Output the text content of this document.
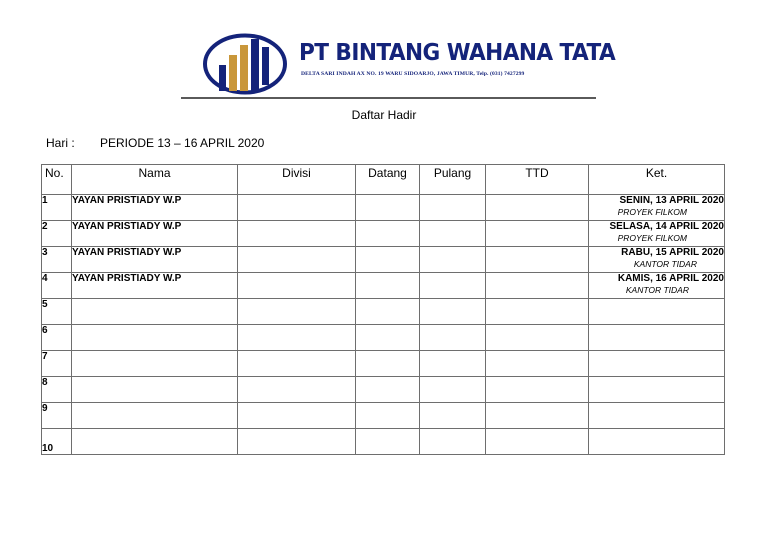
PT BINTANG WAHANA TATA
DELTA SARI INDAH AX NO. 19 WARU SIDOARJO, JAWA TIMUR, Telp. (031) 7427299
Daftar Hadir
Hari : PERIODE 13 – 16 APRIL 2020
No.	Nama	Divisi	Datang	Pulang	TTD	Ket.
1	YAYAN PRISTIADY W.P					SENIN, 13 APRIL 2020
PROYEK FILKOM

2	YAYAN PRISTIADY W.P					SELASA, 14 APRIL 2020
PROYEK FILKOM

3	YAYAN PRISTIADY W.P					RABU, 15 APRIL 2020
KANTOR TIDAR

4	YAYAN PRISTIADY W.P					KAMIS, 16 APRIL 2020
KANTOR TIDAR

5						

6						

7						

8						

9						

10						
